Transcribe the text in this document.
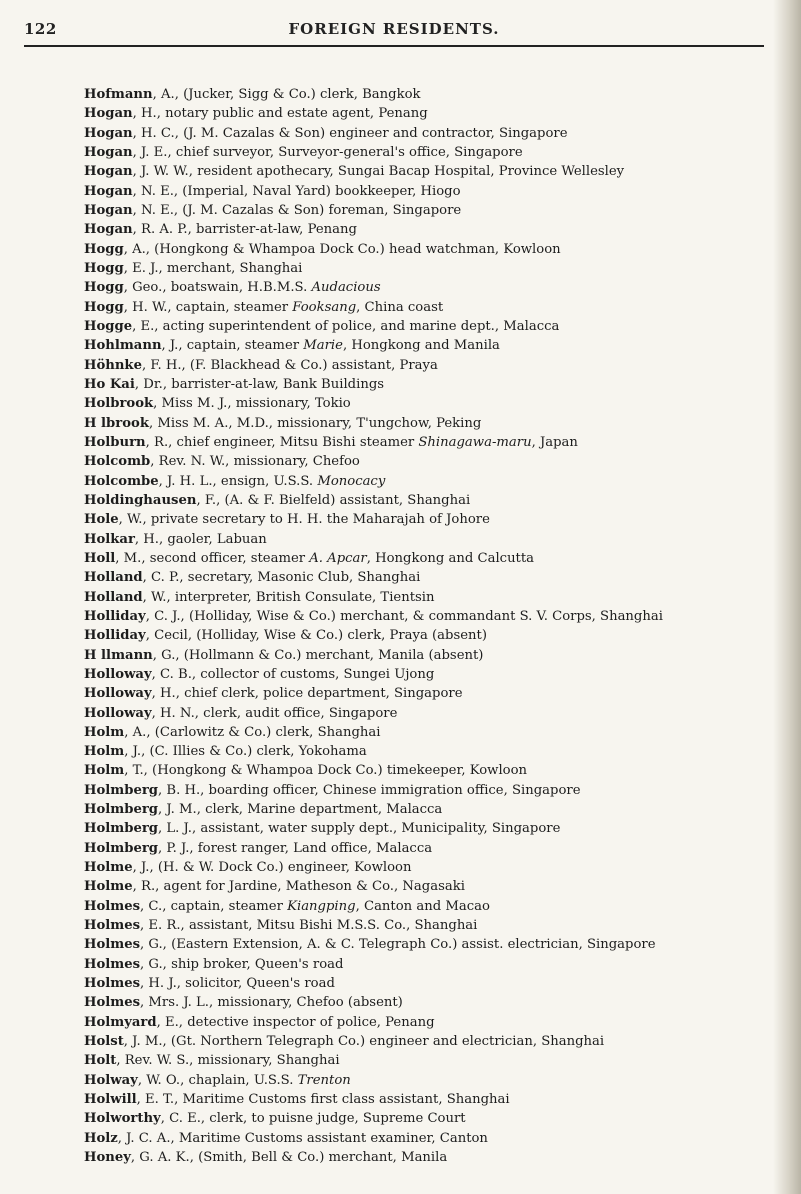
122	FOREIGN RESIDENTS.
Hofmann, A., (Jucker, Sigg & Co.) clerk, Bangkok
Hogan, H., notary public and estate agent, Penang
Hogan, H. C., (J. M. Cazalas & Son) engineer and contractor, Singapore
Hogan, J. E., chief surveyor, Surveyor-general's office, Singapore
Hogan, J. W. W., resident apothecary, Sungai Bacap Hospital, Province Wellesley
Hogan, N. E., (Imperial, Naval Yard) bookkeeper, Hiogo
Hogan, N. E., (J. M. Cazalas & Son) foreman, Singapore
Hogan, R. A. P., barrister-at-law, Penang
Hogg, A., (Hongkong & Whampoa Dock Co.) head watchman, Kowloon
Hogg, E. J., merchant, Shanghai
Hogg, Geo., boatswain, H.B.M.S. Audacious
Hogg, H. W., captain, steamer Fooksang, China coast
Hogge, E., acting superintendent of police, and marine dept., Malacca
Hohlmann, J., captain, steamer Marie, Hongkong and Manila
Höhnke, F. H., (F. Blackhead & Co.) assistant, Praya
Ho Kai, Dr., barrister-at-law, Bank Buildings
Holbrook, Miss M. J., missionary, Tokio
H lbrook, Miss M. A., M.D., missionary, T'ungchow, Peking
Holburn, R., chief engineer, Mitsu Bishi steamer Shinagawa-maru, Japan
Holcomb, Rev. N. W., missionary, Chefoo
Holcombe, J. H. L., ensign, U.S.S. Monocacy
Holdinghausen, F., (A. & F. Bielfeld) assistant, Shanghai
Hole, W., private secretary to H. H. the Maharajah of Johore
Holkar, H., gaoler, Labuan
Holl, M., second officer, steamer A. Apcar, Hongkong and Calcutta
Holland, C. P., secretary, Masonic Club, Shanghai
Holland, W., interpreter, British Consulate, Tientsin
Holliday, C. J., (Holliday, Wise & Co.) merchant, & commandant S. V. Corps, Shanghai
Holliday, Cecil, (Holliday, Wise & Co.) clerk, Praya (absent)
H llmann, G., (Hollmann & Co.) merchant, Manila (absent)
Holloway, C. B., collector of customs, Sungei Ujong
Holloway, H., chief clerk, police department, Singapore
Holloway, H. N., clerk, audit office, Singapore
Holm, A., (Carlowitz & Co.) clerk, Shanghai
Holm, J., (C. Illies & Co.) clerk, Yokohama
Holm, T., (Hongkong & Whampoa Dock Co.) timekeeper, Kowloon
Holmberg, B. H., boarding officer, Chinese immigration office, Singapore
Holmberg, J. M., clerk, Marine department, Malacca
Holmberg, L. J., assistant, water supply dept., Municipality, Singapore
Holmberg, P. J., forest ranger, Land office, Malacca
Holme, J., (H. & W. Dock Co.) engineer, Kowloon
Holme, R., agent for Jardine, Matheson & Co., Nagasaki
Holmes, C., captain, steamer Kiangping, Canton and Macao
Holmes, E. R., assistant, Mitsu Bishi M.S.S. Co., Shanghai
Holmes, G., (Eastern Extension, A. & C. Telegraph Co.) assist. electrician, Singapore
Holmes, G., ship broker, Queen's road
Holmes, H. J., solicitor, Queen's road
Holmes, Mrs. J. L., missionary, Chefoo (absent)
Holmyard, E., detective inspector of police, Penang
Holst, J. M., (Gt. Northern Telegraph Co.) engineer and electrician, Shanghai
Holt, Rev. W. S., missionary, Shanghai
Holway, W. O., chaplain, U.S.S. Trenton
Holwill, E. T., Maritime Customs first class assistant, Shanghai
Holworthy, C. E., clerk, to puisne judge, Supreme Court
Holz, J. C. A., Maritime Customs assistant examiner, Canton
Honey, G. A. K., (Smith, Bell & Co.) merchant, Manila
